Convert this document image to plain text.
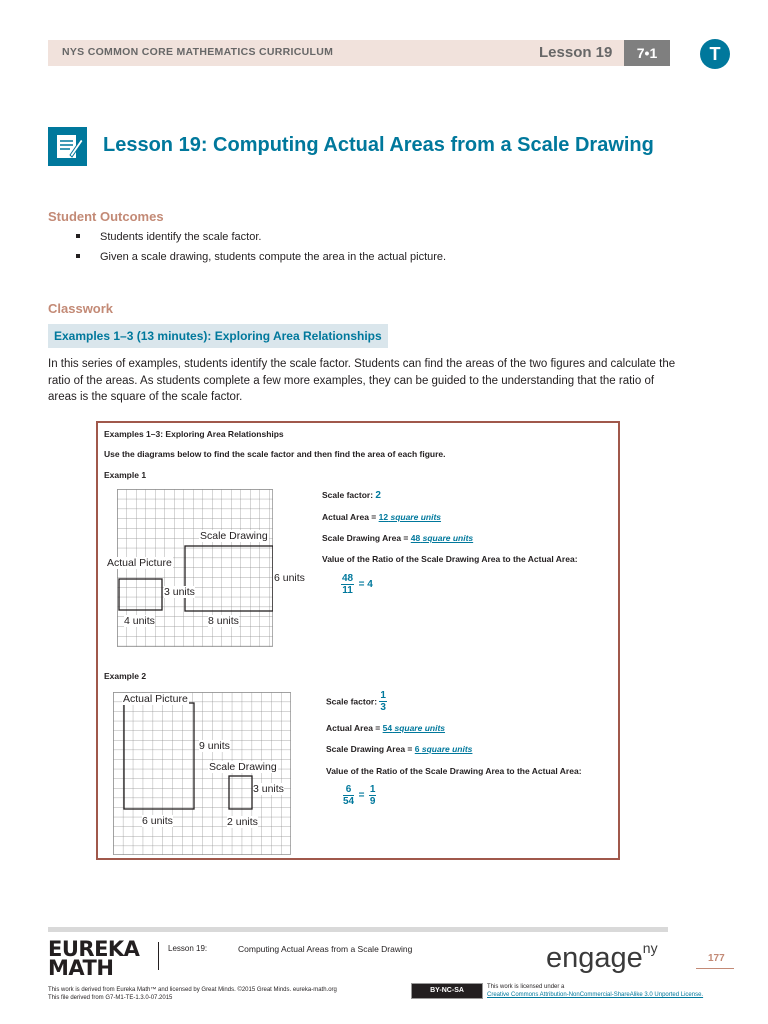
NYS COMMON CORE MATHEMATICS CURRICULUM	Lesson 19	7•1	T
Lesson 19: Computing Actual Areas from a Scale Drawing
Student Outcomes
Students identify the scale factor.
Given a scale drawing, students compute the area in the actual picture.
Classwork
Examples 1–3 (13 minutes): Exploring Area Relationships
In this series of examples, students identify the scale factor. Students can find the areas of the two figures and calculate the ratio of the areas. As students complete a few more examples, they can be guided to the understanding that the ratio of areas is the square of the scale factor.
Examples 1–3: Exploring Area Relationships
Use the diagrams below to find the scale factor and then find the area of each figure.
Example 1
Scale Drawing
Actual Picture
6 units
3 units
4 units	8 units
Scale factor: 2
Actual Area = 12 square units
Scale Drawing Area = 48 square units
Value of the Ratio of the Scale Drawing Area to the Actual Area:
$\frac{48}{11} = 4$
Example 2
Actual Picture
9 units
Scale Drawing
3 units
6 units	2 units
Scale factor: $\frac{1}{3}$
Actual Area = 54 square units
Scale Drawing Area = 6 square units
Value of the Ratio of the Scale Drawing Area to the Actual Area:
$\frac{6}{54} = \frac{1}{9}$
EUREKA
MATH
Lesson 19:	Computing Actual Areas from a Scale Drawing	engage$^{ny}$
177
This work is derived from Eureka Math™ and licensed by Great Minds. ©2015 Great Minds. eureka-math.org
This file derived from G7-M1-TE-1.3.0-07.2015
BY-NC-SA	This work is licensed under a
Creative Commons Attribution-NonCommercial-ShareAlike 3.0 Unported License.
